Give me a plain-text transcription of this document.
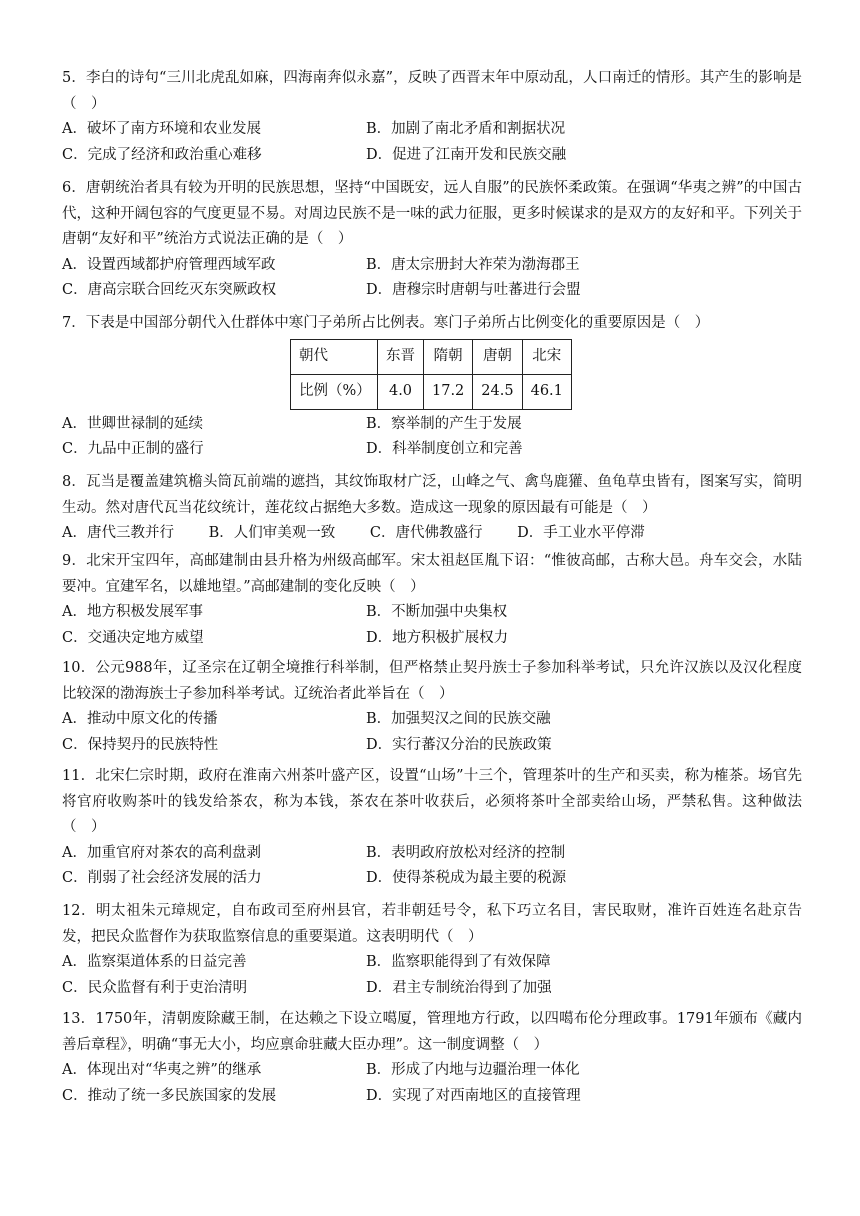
5．李白的诗句“三川北虎乱如麻，四海南奔似永嘉”，反映了西晋末年中原动乱，人口南迁的情形。其产生的影响是（　）

A．破坏了南方环境和农业发展	B．加剧了南北矛盾和割据状况
C．完成了经济和政治重心难移	D．促进了江南开发和民族交融

6．唐朝统治者具有较为开明的民族思想，坚持“中国既安，远人自服”的民族怀柔政策。在强调“华夷之辨”的中国古代，这种开阔包容的气度更显不易。对周边民族不是一味的武力征服，更多时候谋求的是双方的友好和平。下列关于唐朝“友好和平”统治方式说法正确的是（　）

A．设置西域都护府管理西域军政	B．唐太宗册封大祚荣为渤海郡王
C．唐高宗联合回纥灭东突厥政权	D．唐穆宗时唐朝与吐蕃进行会盟

7．下表是中国部分朝代入仕群体中寒门子弟所占比例表。寒门子弟所占比例变化的重要原因是（　）

朝代	东晋	隋朝	唐朝	北宋
比例（%）	4.0	17.2	24.5	46.1
A．世卿世禄制的延续	B．察举制的产生于发展
C．九品中正制的盛行	D．科举制度创立和完善

8．瓦当是覆盖建筑檐头筒瓦前端的遮挡，其纹饰取材广泛，山峰之气、禽鸟鹿獾、鱼龟草虫皆有，图案写实，简明生动。然对唐代瓦当花纹统计，莲花纹占据绝大多数。造成这一现象的原因最有可能是（　）

A．唐代三教并行 B．人们审美观一致 C．唐代佛教盛行 D．手工业水平停滞

9．北宋开宝四年，高邮建制由县升格为州级高邮军。宋太祖赵匡胤下诏：“惟彼高邮，古称大邑。舟车交会，水陆要冲。宜建军名，以雄地望。”高邮建制的变化反映（　）

A．地方积极发展军事	B．不断加强中央集权
C．交通决定地方威望	D．地方积极扩展权力

10．公元988年，辽圣宗在辽朝全境推行科举制，但严格禁止契丹族士子参加科举考试，只允许汉族以及汉化程度比较深的渤海族士子参加科举考试。辽统治者此举旨在（　）

A．推动中原文化的传播	B．加强契汉之间的民族交融
C．保持契丹的民族特性	D．实行蕃汉分治的民族政策

11．北宋仁宗时期，政府在淮南六州茶叶盛产区，设置“山场”十三个，管理茶叶的生产和买卖，称为榷茶。场官先将官府收购茶叶的钱发给茶农，称为本钱，茶农在茶叶收获后，必须将茶叶全部卖给山场，严禁私售。这种做法（　）

A．加重官府对茶农的高利盘剥	B．表明政府放松对经济的控制
C．削弱了社会经济发展的活力	D．使得茶税成为最主要的税源

12．明太祖朱元璋规定，自布政司至府州县官，若非朝廷号令，私下巧立名目，害民取财，准许百姓连名赴京告发，把民众监督作为获取监察信息的重要渠道。这表明明代（　）

A．监察渠道体系的日益完善	B．监察职能得到了有效保障
C．民众监督有利于吏治清明	D．君主专制统治得到了加强

13．1750年，清朝废除藏王制，在达赖之下设立噶厦，管理地方行政，以四噶布伦分理政事。1791年颁布《藏内善后章程》，明确“事无大小，均应禀命驻藏大臣办理”。这一制度调整（　）

A．体现出对“华夷之辨”的继承	B．形成了内地与边疆治理一体化
C．推动了统一多民族国家的发展	D．实现了对西南地区的直接管理
